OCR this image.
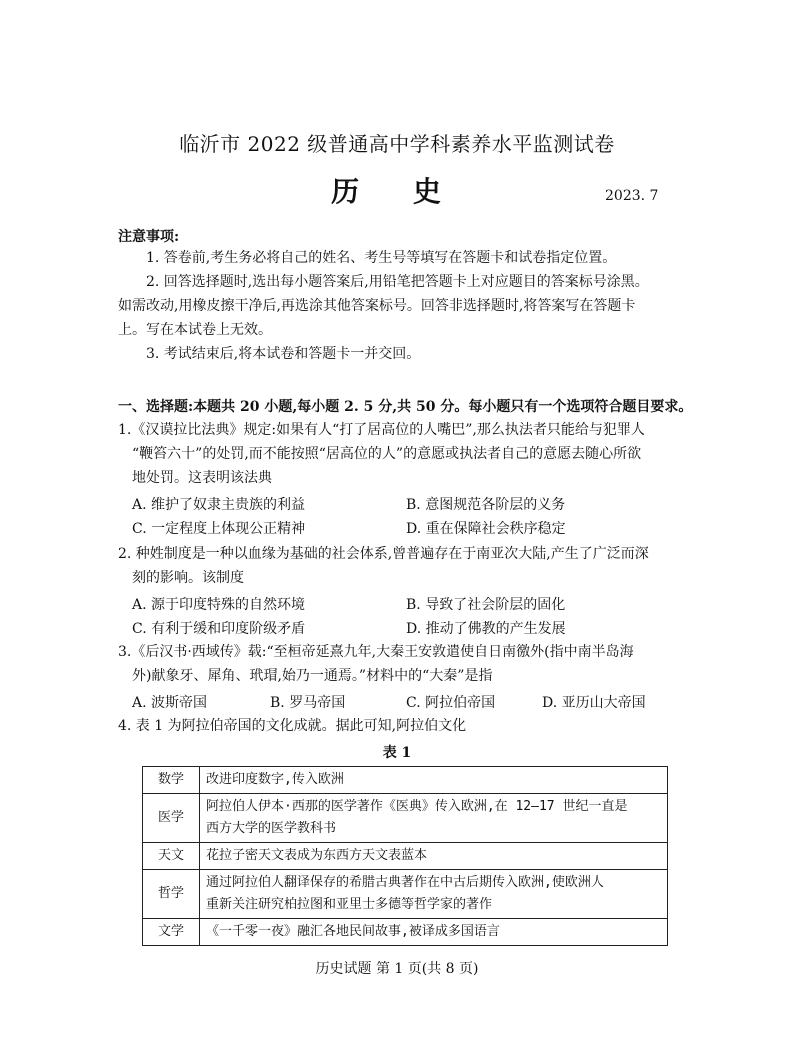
临沂市 2022 级普通高中学科素养水平监测试卷
历 史	2023. 7
注意事项:
1. 答卷前,考生务必将自己的姓名、考生号等填写在答题卡和试卷指定位置。
2. 回答选择题时,选出每小题答案后,用铅笔把答题卡上对应题目的答案标号涂黑。
如需改动,用橡皮擦干净后,再选涂其他答案标号。回答非选择题时,将答案写在答题卡
上。写在本试卷上无效。
3. 考试结束后,将本试卷和答题卡一并交回。
一、选择题:本题共 20 小题,每小题 2. 5 分,共 50 分。每小题只有一个选项符合题目要求。
1.《汉谟拉比法典》规定:如果有人“打了居高位的人嘴巴”,那么执法者只能给与犯罪人
“鞭笞六十”的处罚,而不能按照“居高位的人”的意愿或执法者自己的意愿去随心所欲
地处罚。这表明该法典
A. 维护了奴隶主贵族的利益	B. 意图规范各阶层的义务
C. 一定程度上体现公正精神	D. 重在保障社会秩序稳定
2. 种姓制度是一种以血缘为基础的社会体系,曾普遍存在于南亚次大陆,产生了广泛而深
刻的影响。该制度
A. 源于印度特殊的自然环境	B. 导致了社会阶层的固化
C. 有利于缓和印度阶级矛盾	D. 推动了佛教的产生发展
3.《后汉书·西域传》载:“至桓帝延熹九年,大秦王安敦遣使自日南徼外(指中南半岛海
外)献象牙、犀角、玳瑁,始乃一通焉。”材料中的“大秦”是指
A. 波斯帝国	B. 罗马帝国	C. 阿拉伯帝国	D. 亚历山大帝国
4. 表 1 为阿拉伯帝国的文化成就。据此可知,阿拉伯文化
表 1
数学	改进印度数字,传入欧洲
医学	阿拉伯人伊本·西那的医学著作《医典》传入欧洲,在 12—17 世纪一直是
西方大学的医学教科书
天文	花拉子密天文表成为东西方天文表蓝本
哲学	通过阿拉伯人翻译保存的希腊古典著作在中古后期传入欧洲,使欧洲人
重新关注研究柏拉图和亚里士多德等哲学家的著作
文学	《一千零一夜》融汇各地民间故事,被译成多国语言
历史试题 第 1 页(共 8 页)
